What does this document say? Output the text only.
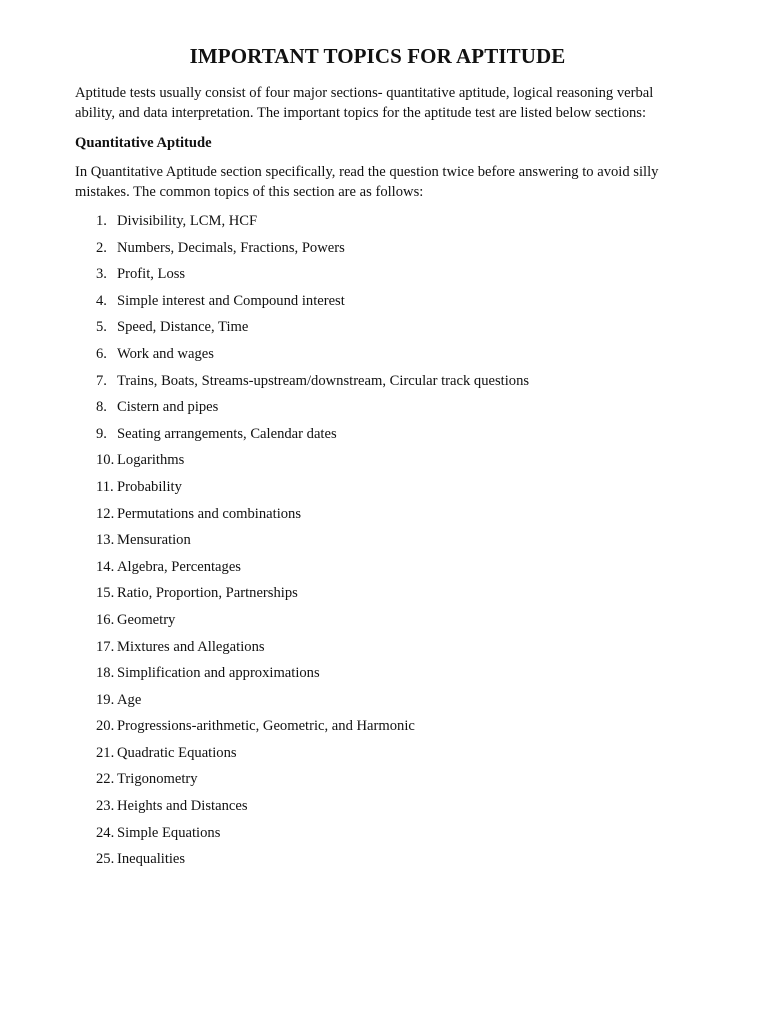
IMPORTANT TOPICS FOR APTITUDE

Aptitude tests usually consist of four major sections- quantitative aptitude, logical reasoning verbal ability, and data interpretation. The important topics for the aptitude test are listed below sections:

Quantitative Aptitude

In Quantitative Aptitude section specifically, read the question twice before answering to avoid silly mistakes. The common topics of this section are as follows:

1. Divisibility, LCM, HCF
2. Numbers, Decimals, Fractions, Powers
3. Profit, Loss
4. Simple interest and Compound interest
5. Speed, Distance, Time
6. Work and wages
7. Trains, Boats, Streams-upstream/downstream, Circular track questions
8. Cistern and pipes
9. Seating arrangements, Calendar dates
10. Logarithms
11. Probability
12. Permutations and combinations
13. Mensuration
14. Algebra, Percentages
15. Ratio, Proportion, Partnerships
16. Geometry
17. Mixtures and Allegations
18. Simplification and approximations
19. Age
20. Progressions-arithmetic, Geometric, and Harmonic
21. Quadratic Equations
22. Trigonometry
23. Heights and Distances
24. Simple Equations
25. Inequalities
